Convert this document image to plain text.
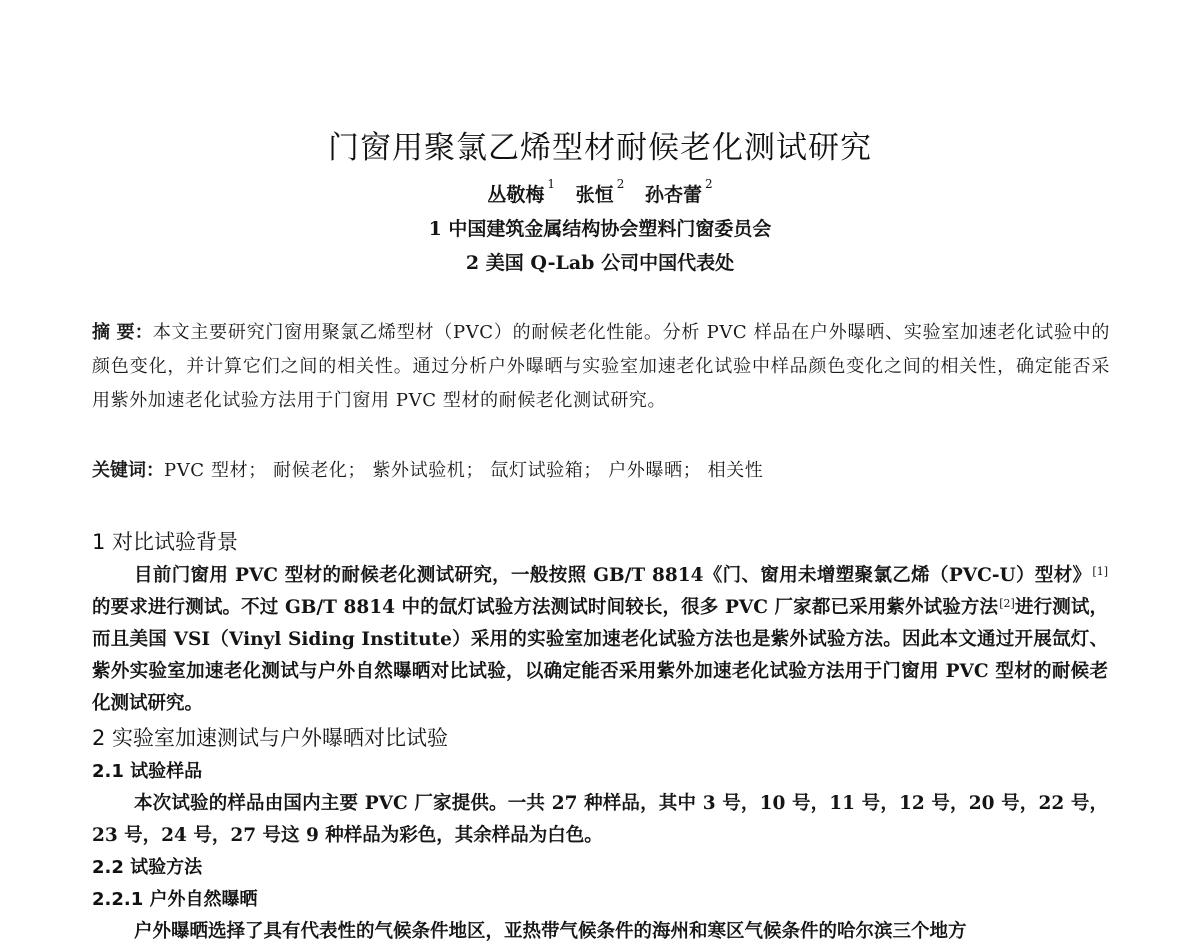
门窗用聚氯乙烯型材耐候老化测试研究
丛敬梅 $^1$ 张恒 $^2$ 孙杏蕾 $^2$
1 中国建筑金属结构协会塑料门窗委员会
2 美国 Q-Lab 公司中国代表处
摘 要：本文主要研究门窗用聚氯乙烯型材（PVC）的耐候老化性能。分析 PVC 样品在户外曝晒、实验室加速老化试验中的颜色变化，并计算它们之间的相关性。通过分析户外曝晒与实验室加速老化试验中样品颜色变化之间的相关性，确定能否采用紫外加速老化试验方法用于门窗用 PVC 型材的耐候老化测试研究。
关键词：PVC 型材； 耐候老化； 紫外试验机； 氙灯试验箱； 户外曝晒； 相关性
1 对比试验背景
目前门窗用 PVC 型材的耐候老化测试研究，一般按照 GB/T 8814《门、窗用未增塑聚氯乙烯（PVC-U）型材》[1]的要求进行测试。不过 GB/T 8814 中的氙灯试验方法测试时间较长，很多 PVC 厂家都已采用紫外试验方法[2]进行测试，而且美国 VSI（Vinyl Siding Institute）采用的实验室加速老化试验方法也是紫外试验方法。因此本文通过开展氙灯、紫外实验室加速老化测试与户外自然曝晒对比试验，以确定能否采用紫外加速老化试验方法用于门窗用 PVC 型材的耐候老化测试研究。
2 实验室加速测试与户外曝晒对比试验
2.1 试验样品
本次试验的样品由国内主要 PVC 厂家提供。一共 27 种样品，其中 3 号，10 号，11 号，12 号，20 号，22 号，23 号，24 号，27 号这 9 种样品为彩色，其余样品为白色。
2.2 试验方法
2.2.1 户外自然曝晒
户外曝晒选择了具有代表性的气候条件地区，亚热带气候条件的海州和寒区气候条件的哈尔滨三个地方
